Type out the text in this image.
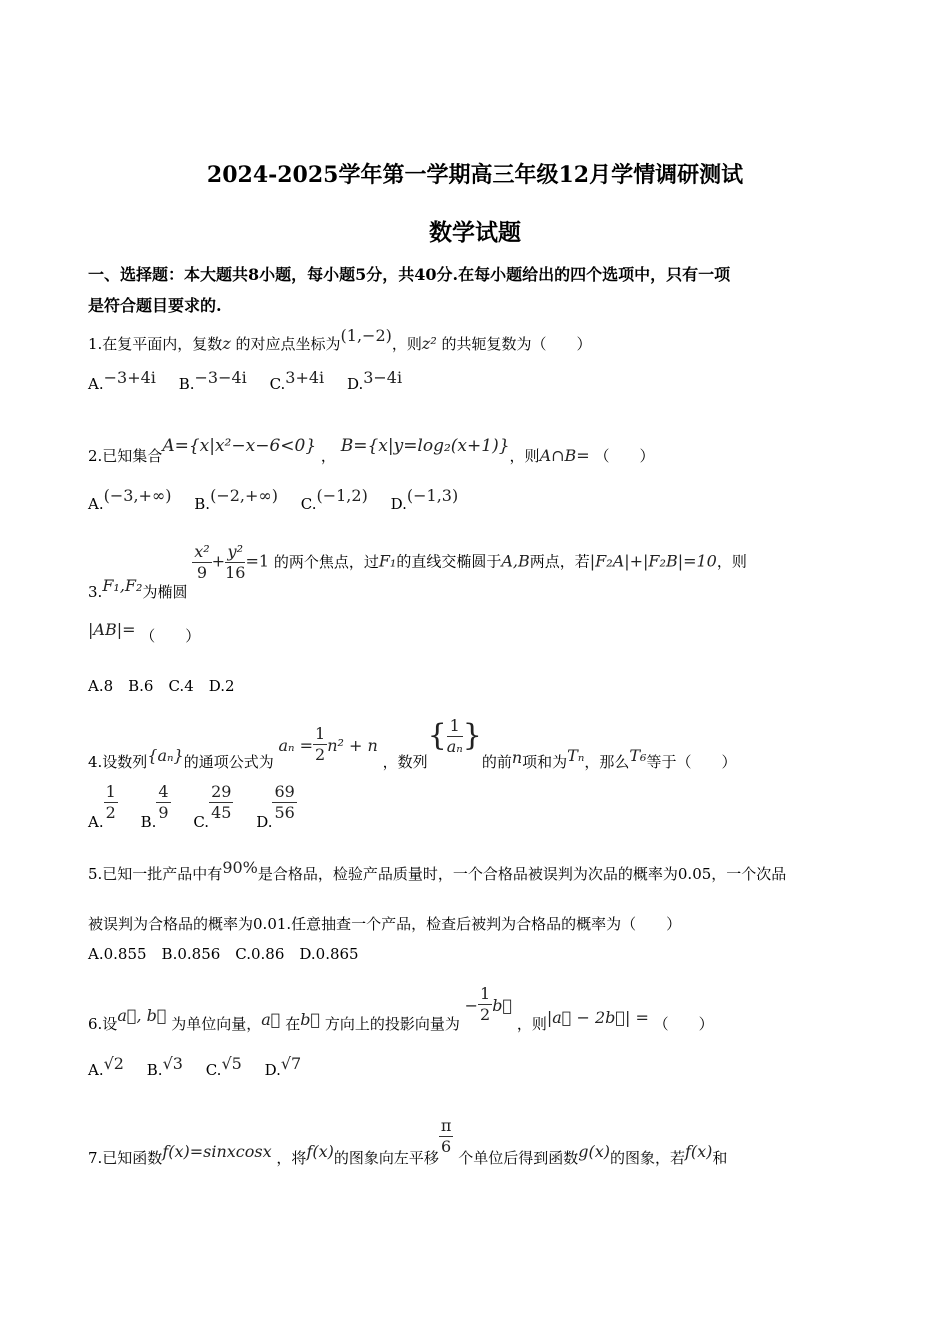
2024-2025学年第一学期高三年级12月学情调研测试
数学试题
一、选择题：本大题共8小题，每小题5分，共40分.在每小题给出的四个选项中，只有一项
是符合题目要求的.
1.在复平面内，复数z 的对应点坐标为(1,−2)，则z² 的共轭复数为（　　）
A.−3+4i B.−3−4i C.3+4i D.3−4i
2.已知集合A={x|x²−x−6<0} ， B={x|y=log₂(x+1)}，则A∩B= （　　）
A.(−3,+∞) B.(−2,+∞) C.(−1,2) D.(−1,3)
3.F₁,F₂为椭圆
$\frac{\text{x²}}{9} + \frac{\text{y²}}{16} =1$ 的两个焦点，过F₁的直线交椭圆于A,B两点，若|F₂A|+|F₂B|=10，则
|AB|= （　　）
A.8　B.6　C.4　D.2
4.设数列{aₙ}的通项公式为 $a_n = \frac{1}{2} n^2 + n$ ，数列{ $\frac{1}{\text{aₙ}}$ }的前n项和为Tₙ，那么T₆等于（　　）
A. $\frac{1}{2} B$. $\frac{4}{9} C$. $\frac{29}{45} D$. $\frac{69}{56}$
5.已知一批产品中有90%是合格品，检验产品质量时，一个合格品被误判为次品的概率为0.05，一个次品
被误判为合格品的概率为0.01.任意抽查一个产品，检查后被判为合格品的概率为（　　）
A.0.855　B.0.856　C.0.86　D.0.865
6.设a⃗, b⃗ 为单位向量，a⃗ 在b⃗ 方向上的投影向量为 − $\frac{1}{2}$ b⃗ ，则|a⃗ − 2b⃗| = （　　）
A.√2 B.√3 C.√5 D.√7
7.已知函数f(x)=sinxcosx ，将f(x)的图象向左平移
$\frac{\pi}{6}$
个单位后得到函数g(x)的图象，若f(x)和
